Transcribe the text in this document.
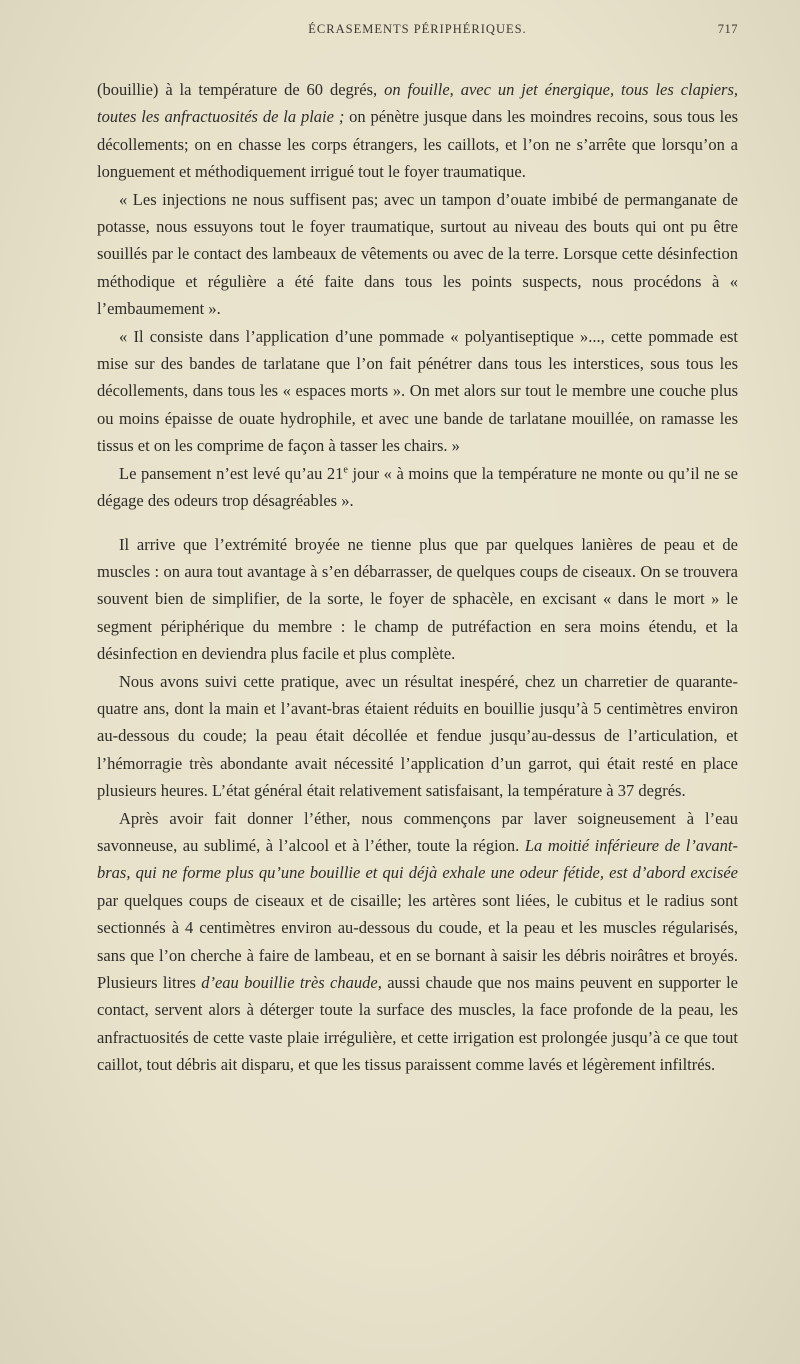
ÉCRASEMENTS PÉRIPHÉRIQUES.	717

(bouillie) à la température de 60 degrés, on fouille, avec un jet énergique, tous les clapiers, toutes les anfractuosités de la plaie ; on pénètre jusque dans les moindres recoins, sous tous les décollements; on en chasse les corps étrangers, les caillots, et l’on ne s’arrête que lorsqu’on a longuement et méthodiquement irrigué tout le foyer traumatique.

« Les injections ne nous suffisent pas; avec un tampon d’ouate imbibé de permanganate de potasse, nous essuyons tout le foyer traumatique, surtout au niveau des bouts qui ont pu être souillés par le contact des lambeaux de vêtements ou avec de la terre. Lorsque cette désinfection méthodique et régulière a été faite dans tous les points suspects, nous procédons à « l’embaumement ».

« Il consiste dans l’application d’une pommade « polyantiseptique »..., cette pommade est mise sur des bandes de tarlatane que l’on fait pénétrer dans tous les interstices, sous tous les décollements, dans tous les « espaces morts ». On met alors sur tout le membre une couche plus ou moins épaisse de ouate hydrophile, et avec une bande de tarlatane mouillée, on ramasse les tissus et on les comprime de façon à tasser les chairs. »

Le pansement n’est levé qu’au 21e jour « à moins que la température ne monte ou qu’il ne se dégage des odeurs trop désagréables ».

Il arrive que l’extrémité broyée ne tienne plus que par quelques lanières de peau et de muscles : on aura tout avantage à s’en débarrasser, de quelques coups de ciseaux. On se trouvera souvent bien de simplifier, de la sorte, le foyer de sphacèle, en excisant « dans le mort » le segment périphérique du membre : le champ de putréfaction en sera moins étendu, et la désinfection en deviendra plus facile et plus complète.

Nous avons suivi cette pratique, avec un résultat inespéré, chez un charretier de quarante-quatre ans, dont la main et l’avant-bras étaient réduits en bouillie jusqu’à 5 centimètres environ au-dessous du coude; la peau était décollée et fendue jusqu’au-dessus de l’articulation, et l’hémorragie très abondante avait nécessité l’application d’un garrot, qui était resté en place plusieurs heures. L’état général était relativement satisfaisant, la température à 37 degrés.

Après avoir fait donner l’éther, nous commençons par laver soigneusement à l’eau savonneuse, au sublimé, à l’alcool et à l’éther, toute la région. La moitié inférieure de l’avant-bras, qui ne forme plus qu’une bouillie et qui déjà exhale une odeur fétide, est d’abord excisée par quelques coups de ciseaux et de cisaille; les artères sont liées, le cubitus et le radius sont sectionnés à 4 centimètres environ au-dessous du coude, et la peau et les muscles régularisés, sans que l’on cherche à faire de lambeau, et en se bornant à saisir les débris noirâtres et broyés. Plusieurs litres d’eau bouillie très chaude, aussi chaude que nos mains peuvent en supporter le contact, servent alors à déterger toute la surface des muscles, la face profonde de la peau, les anfractuosités de cette vaste plaie irrégulière, et cette irrigation est prolongée jusqu’à ce que tout caillot, tout débris ait disparu, et que les tissus paraissent comme lavés et légèrement infiltrés.
